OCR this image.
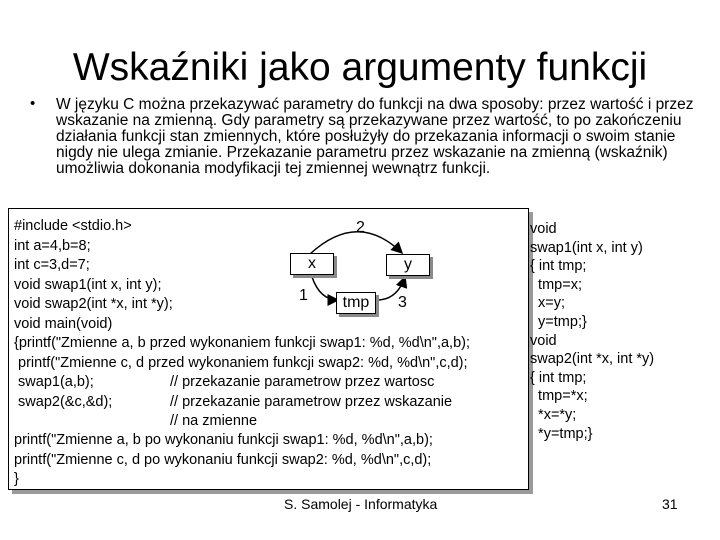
Wskaźniki jako argumenty funkcji
• W języku C można przekazywać parametry do funkcji na dwa sposoby: przez wartość i przez wskazanie na zmienną. Gdy parametry są przekazywane przez wartość, to po zakończeniu działania funkcji stan zmiennych, które posłużyły do przekazania informacji o swoim stanie nigdy nie ulega zmianie. Przekazanie parametru przez wskazanie na zmienną (wskaźnik) umożliwia dokonania modyfikacji tej zmiennej wewnątrz funkcji.
#include <stdio.h>
int a=4,b=8;
int c=3,d=7;
void swap1(int x, int y);
void swap2(int *x, int *y);
void main(void)
{printf("Zmienne a, b przed wykonaniem funkcji swap1: %d, %d\n",a,b);
printf("Zmienne c, d przed wykonaniem funkcji swap2: %d, %d\n",c,d);
swap1(a,b);	// przekazanie parametrow przez wartosc
swap2(&c,&d);	// przekazanie parametrow przez wskazanie
// na zmienne
printf("Zmienne a, b po wykonaniu funkcji swap1: %d, %d\n",a,b);
printf("Zmienne c, d po wykonaniu funkcji swap2: %d, %d\n",c,d);
}
x	y
tmp
2
1	3
void
swap1(int x, int y)
{ int tmp;
tmp=x;
x=y;
y=tmp;}
void
swap2(int *x, int *y)
{ int tmp;
tmp=*x;
*x=*y;
*y=tmp;}
S. Samolej - Informatyka	31
